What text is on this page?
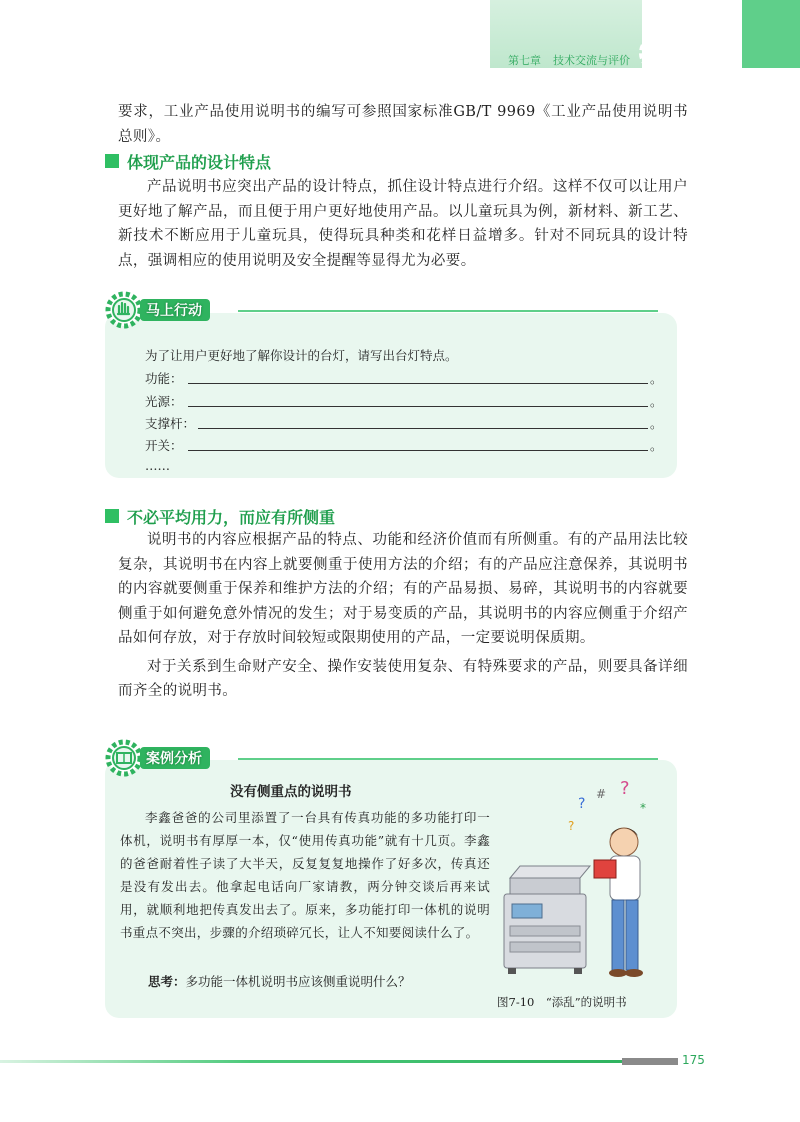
第七章 技术交流与评价

要求，工业产品使用说明书的编写可参照国家标准GB/T 9969《工业产品使用说明书 总则》。

体现产品的设计特点

产品说明书应突出产品的设计特点，抓住设计特点进行介绍。这样不仅可以让用户更好地了解产品，而且便于用户更好地使用产品。以儿童玩具为例，新材料、新工艺、新技术不断应用于儿童玩具，使得玩具种类和花样日益增多。针对不同玩具的设计特点，强调相应的使用说明及安全提醒等显得尤为必要。

马上行动
为了让用户更好地了解你设计的台灯，请写出台灯特点。
功能：	。
光源：	。
支撑杆：	。
开关：	。
……
不必平均用力，而应有所侧重

说明书的内容应根据产品的特点、功能和经济价值而有所侧重。有的产品用法比较复杂，其说明书在内容上就要侧重于使用方法的介绍；有的产品应注意保养，其说明书的内容就要侧重于保养和维护方法的介绍；有的产品易损、易碎，其说明书的内容就要侧重于如何避免意外情况的发生；对于易变质的产品，其说明书的内容应侧重于介绍产品如何存放，对于存放时间较短或限期使用的产品，一定要说明保质期。

对于关系到生命财产安全、操作安装使用复杂、有特殊要求的产品，则要具备详细而齐全的说明书。

案例分析
没有侧重点的说明书

李鑫爸爸的公司里添置了一台具有传真功能的多功能打印一体机，说明书有厚厚一本，仅“使用传真功能”就有十几页。李鑫的爸爸耐着性子读了大半天，反复复复地操作了好多次，传真还是没有发出去。他拿起电话向厂家请教，两分钟交谈后再来试用，就顺利地把传真发出去了。原来，多功能打印一体机的说明书重点不突出，步骤的介绍琐碎冗长，让人不知要阅读什么了。

思考：多功能一体机说明书应该侧重说明什么？
?
?
#
*
?
图7-10　“添乱”的说明书
175
